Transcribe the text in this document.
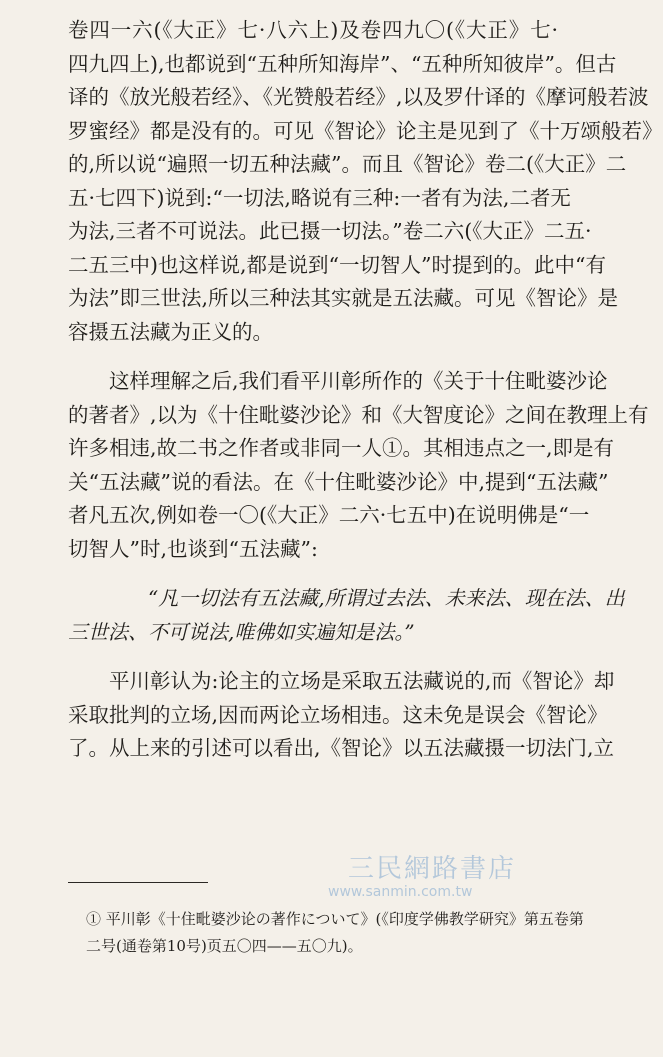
卷四一六(《大正》七·八六上)及卷四九〇(《大正》七·
四九四上),也都说到“五种所知海岸”、“五种所知彼岸”。但古
译的《放光般若经》、《光赞般若经》,以及罗什译的《摩诃般若波
罗蜜经》都是没有的。可见《智论》论主是见到了《十万颂般若》
的,所以说“遍照一切五种法藏”。而且《智论》卷二(《大正》二
五·七四下)说到:“一切法,略说有三种:一者有为法,二者无
为法,三者不可说法。此已摄一切法。”卷二六(《大正》二五·
二五三中)也这样说,都是说到“一切智人”时提到的。此中“有
为法”即三世法,所以三种法其实就是五法藏。可见《智论》是
容摄五法藏为正义的。
这样理解之后,我们看平川彰所作的《关于十住毗婆沙论
的著者》,以为《十住毗婆沙论》和《大智度论》之间在教理上有
许多相违,故二书之作者或非同一人①。其相违点之一,即是有
关“五法藏”说的看法。在《十住毗婆沙论》中,提到“五法藏”
者凡五次,例如卷一〇(《大正》二六·七五中)在说明佛是“一
切智人”时,也谈到“五法藏”:
“凡一切法有五法藏,所谓过去法、未来法、现在法、出
三世法、不可说法,唯佛如实遍知是法。”
平川彰认为:论主的立场是采取五法藏说的,而《智论》却
采取批判的立场,因而两论立场相违。这未免是误会《智论》
了。从上来的引述可以看出,《智论》以五法藏摄一切法门,立
三民網路書店
www.sanmin.com.tw
① 平川彰《十住毗婆沙论の著作について》(《印度学佛教学研究》第五卷第
二号(通卷第10号)页五〇四——五〇九)。
